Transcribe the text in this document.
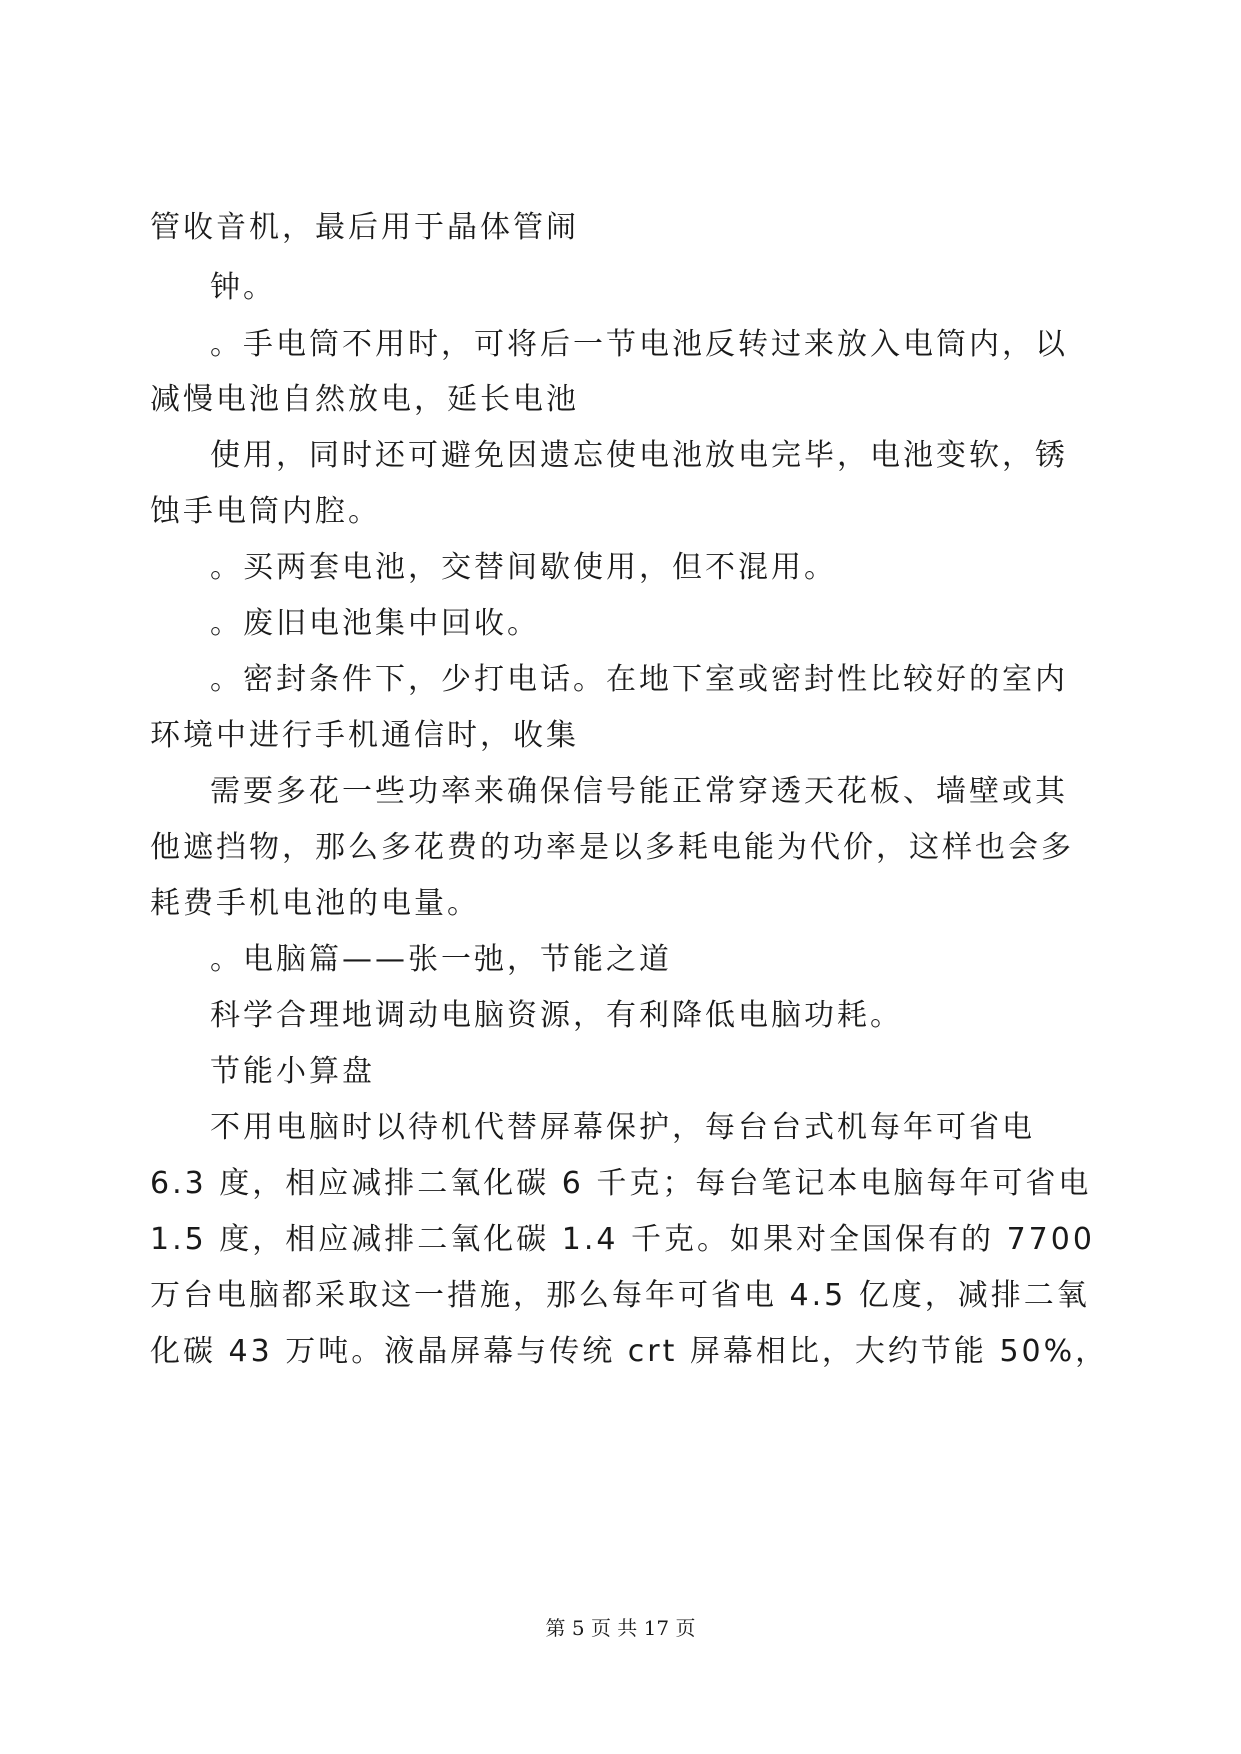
管收音机，最后用于晶体管闹
钟。
。手电筒不用时，可将后一节电池反转过来放入电筒内，以
减慢电池自然放电，延长电池
使用，同时还可避免因遗忘使电池放电完毕，电池变软，锈
蚀手电筒内腔。
。买两套电池，交替间歇使用，但不混用。
。废旧电池集中回收。
。密封条件下，少打电话。在地下室或密封性比较好的室内
环境中进行手机通信时，收集
需要多花一些功率来确保信号能正常穿透天花板、墙壁或其
他遮挡物，那么多花费的功率是以多耗电能为代价，这样也会多
耗费手机电池的电量。
。电脑篇——张一弛，节能之道
科学合理地调动电脑资源，有利降低电脑功耗。
节能小算盘
不用电脑时以待机代替屏幕保护，每台台式机每年可省电
6.3 度，相应减排二氧化碳 6 千克；每台笔记本电脑每年可省电
1.5 度，相应减排二氧化碳 1.4 千克。如果对全国保有的 7700
万台电脑都采取这一措施，那么每年可省电 4.5 亿度，减排二氧
化碳 43 万吨。液晶屏幕与传统 crt 屏幕相比，大约节能 50%，
第 5 页 共 17 页
